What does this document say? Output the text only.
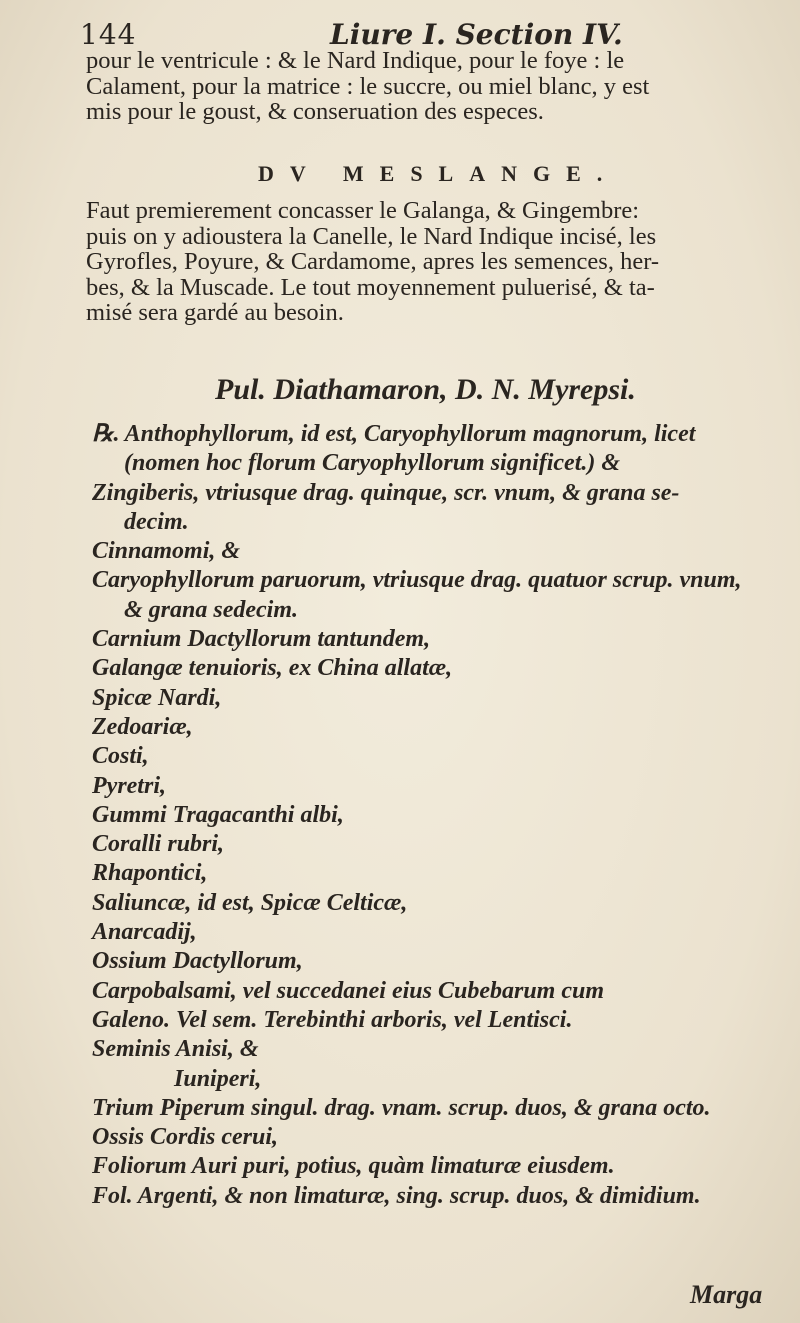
144	Liure I. Section IV.
pour le ventricule : & le Nard Indique, pour le foye : le
Calament, pour la matrice : le succre, ou miel blanc, y est
mis pour le goust, & conseruation des especes.
DV MESLANGE.
Faut premierement concasser le Galanga, & Gingembre:
puis on y adioustera la Canelle, le Nard Indique incisé, les
Gyrofles, Poyure, & Cardamome, apres les semences, her-
bes, & la Muscade. Le tout moyennement puluerisé, & ta-
misé sera gardé au besoin.
Pul. Diathamaron, D. N. Myrepsi.
℞. Anthophyllorum, id est, Caryophyllorum magnorum, licet
(nomen hoc florum Caryophyllorum significet.) &
Zingiberis, vtriusque drag. quinque, scr. vnum, & grana se-
decim.
Cinnamomi, &
Caryophyllorum paruorum, vtriusque drag. quatuor scrup. vnum,
& grana sedecim.
Carnium Dactyllorum tantundem,
Galangæ tenuioris, ex China allatæ,
Spicæ Nardi,
Zedoariæ,
Costi,
Pyretri,
Gummi Tragacanthi albi,
Coralli rubri,
Rhapontici,
Saliuncæ, id est, Spicæ Celticæ,
Anarcadij,
Ossium Dactyllorum,
Carpobalsami, vel succedanei eius Cubebarum cum
Galeno. Vel sem. Terebinthi arboris, vel Lentisci.
Seminis Anisi, &
Iuniperi,
Trium Piperum singul. drag. vnam. scrup. duos, & grana octo.
Ossis Cordis cerui,
Foliorum Auri puri, potius, quàm limaturæ eiusdem.
Fol. Argenti, & non limaturæ, sing. scrup. duos, & dimidium.
Marga
